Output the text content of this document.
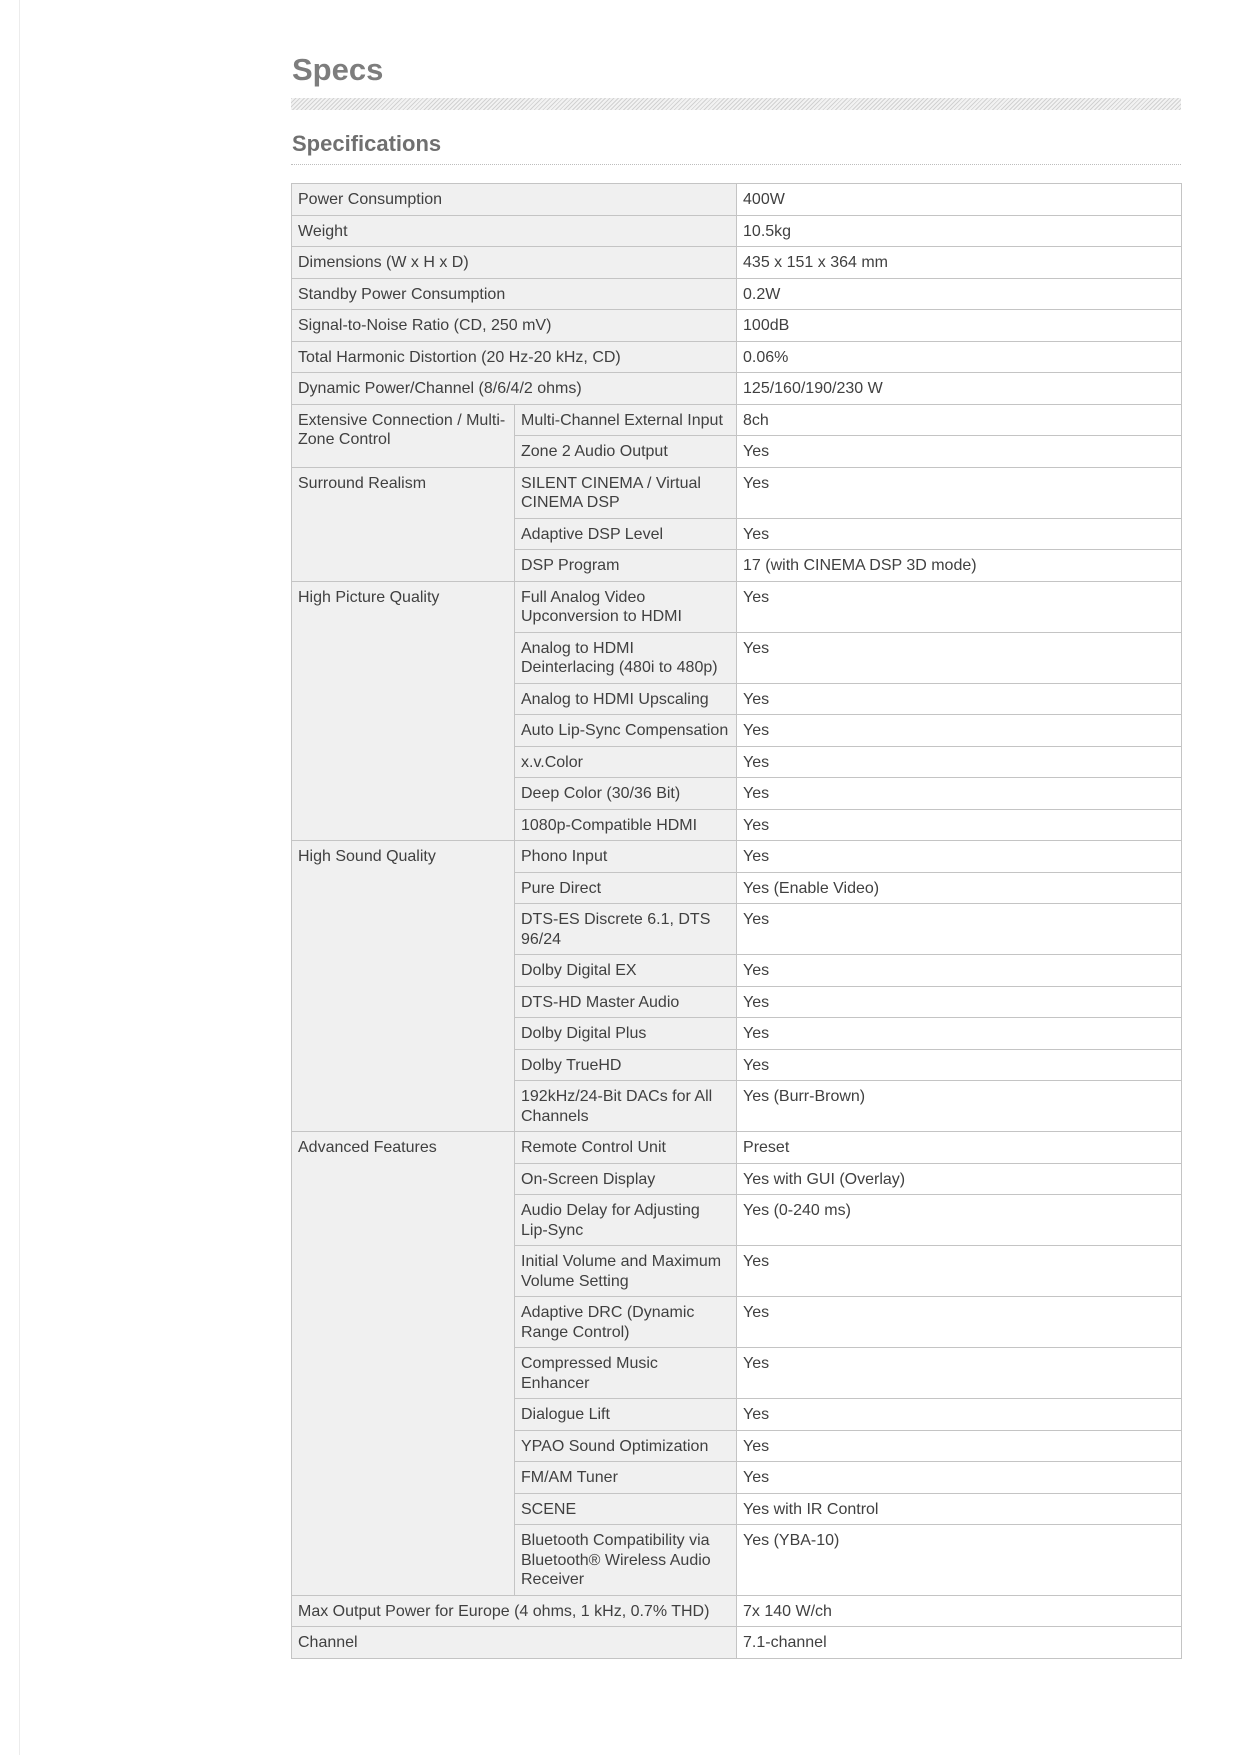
Specs
Specifications
Power Consumption		400W
Weight		10.5kg
Dimensions (W x H x D)		435 x 151 x 364 mm
Standby Power Consumption		0.2W
Signal-to-Noise Ratio (CD, 250 mV)		100dB
Total Harmonic Distortion (20 Hz-20 kHz, CD)		0.06%
Dynamic Power/Channel (8/6/4/2 ohms)		125/160/190/230 W
Extensive Connection / Multi-Zone Control	Multi-Channel External Input	8ch
	Zone 2 Audio Output	Yes
Surround Realism	SILENT CINEMA / Virtual CINEMA DSP	Yes
	Adaptive DSP Level	Yes
	DSP Program	17 (with CINEMA DSP 3D mode)
High Picture Quality	Full Analog Video Upconversion to HDMI	Yes
	Analog to HDMI Deinterlacing (480i to 480p)	Yes
	Analog to HDMI Upscaling	Yes
	Auto Lip-Sync Compensation	Yes
	x.v.Color	Yes
	Deep Color (30/36 Bit)	Yes
	1080p-Compatible HDMI	Yes
High Sound Quality	Phono Input	Yes
	Pure Direct	Yes (Enable Video)
	DTS-ES Discrete 6.1, DTS 96/24	Yes
	Dolby Digital EX	Yes
	DTS-HD Master Audio	Yes
	Dolby Digital Plus	Yes
	Dolby TrueHD	Yes
	192kHz/24-Bit DACs for All Channels	Yes (Burr-Brown)
Advanced Features	Remote Control Unit	Preset
	On-Screen Display	Yes with GUI (Overlay)
	Audio Delay for Adjusting Lip-Sync	Yes (0-240 ms)
	Initial Volume and Maximum Volume Setting	Yes
	Adaptive DRC (Dynamic Range Control)	Yes
	Compressed Music Enhancer	Yes
	Dialogue Lift	Yes
	YPAO Sound Optimization	Yes
	FM/AM Tuner	Yes
	SCENE	Yes with IR Control
	Bluetooth Compatibility via Bluetooth® Wireless Audio Receiver	Yes (YBA-10)
Max Output Power for Europe (4 ohms, 1 kHz, 0.7% THD)		7x 140 W/ch
Channel		7.1-channel
